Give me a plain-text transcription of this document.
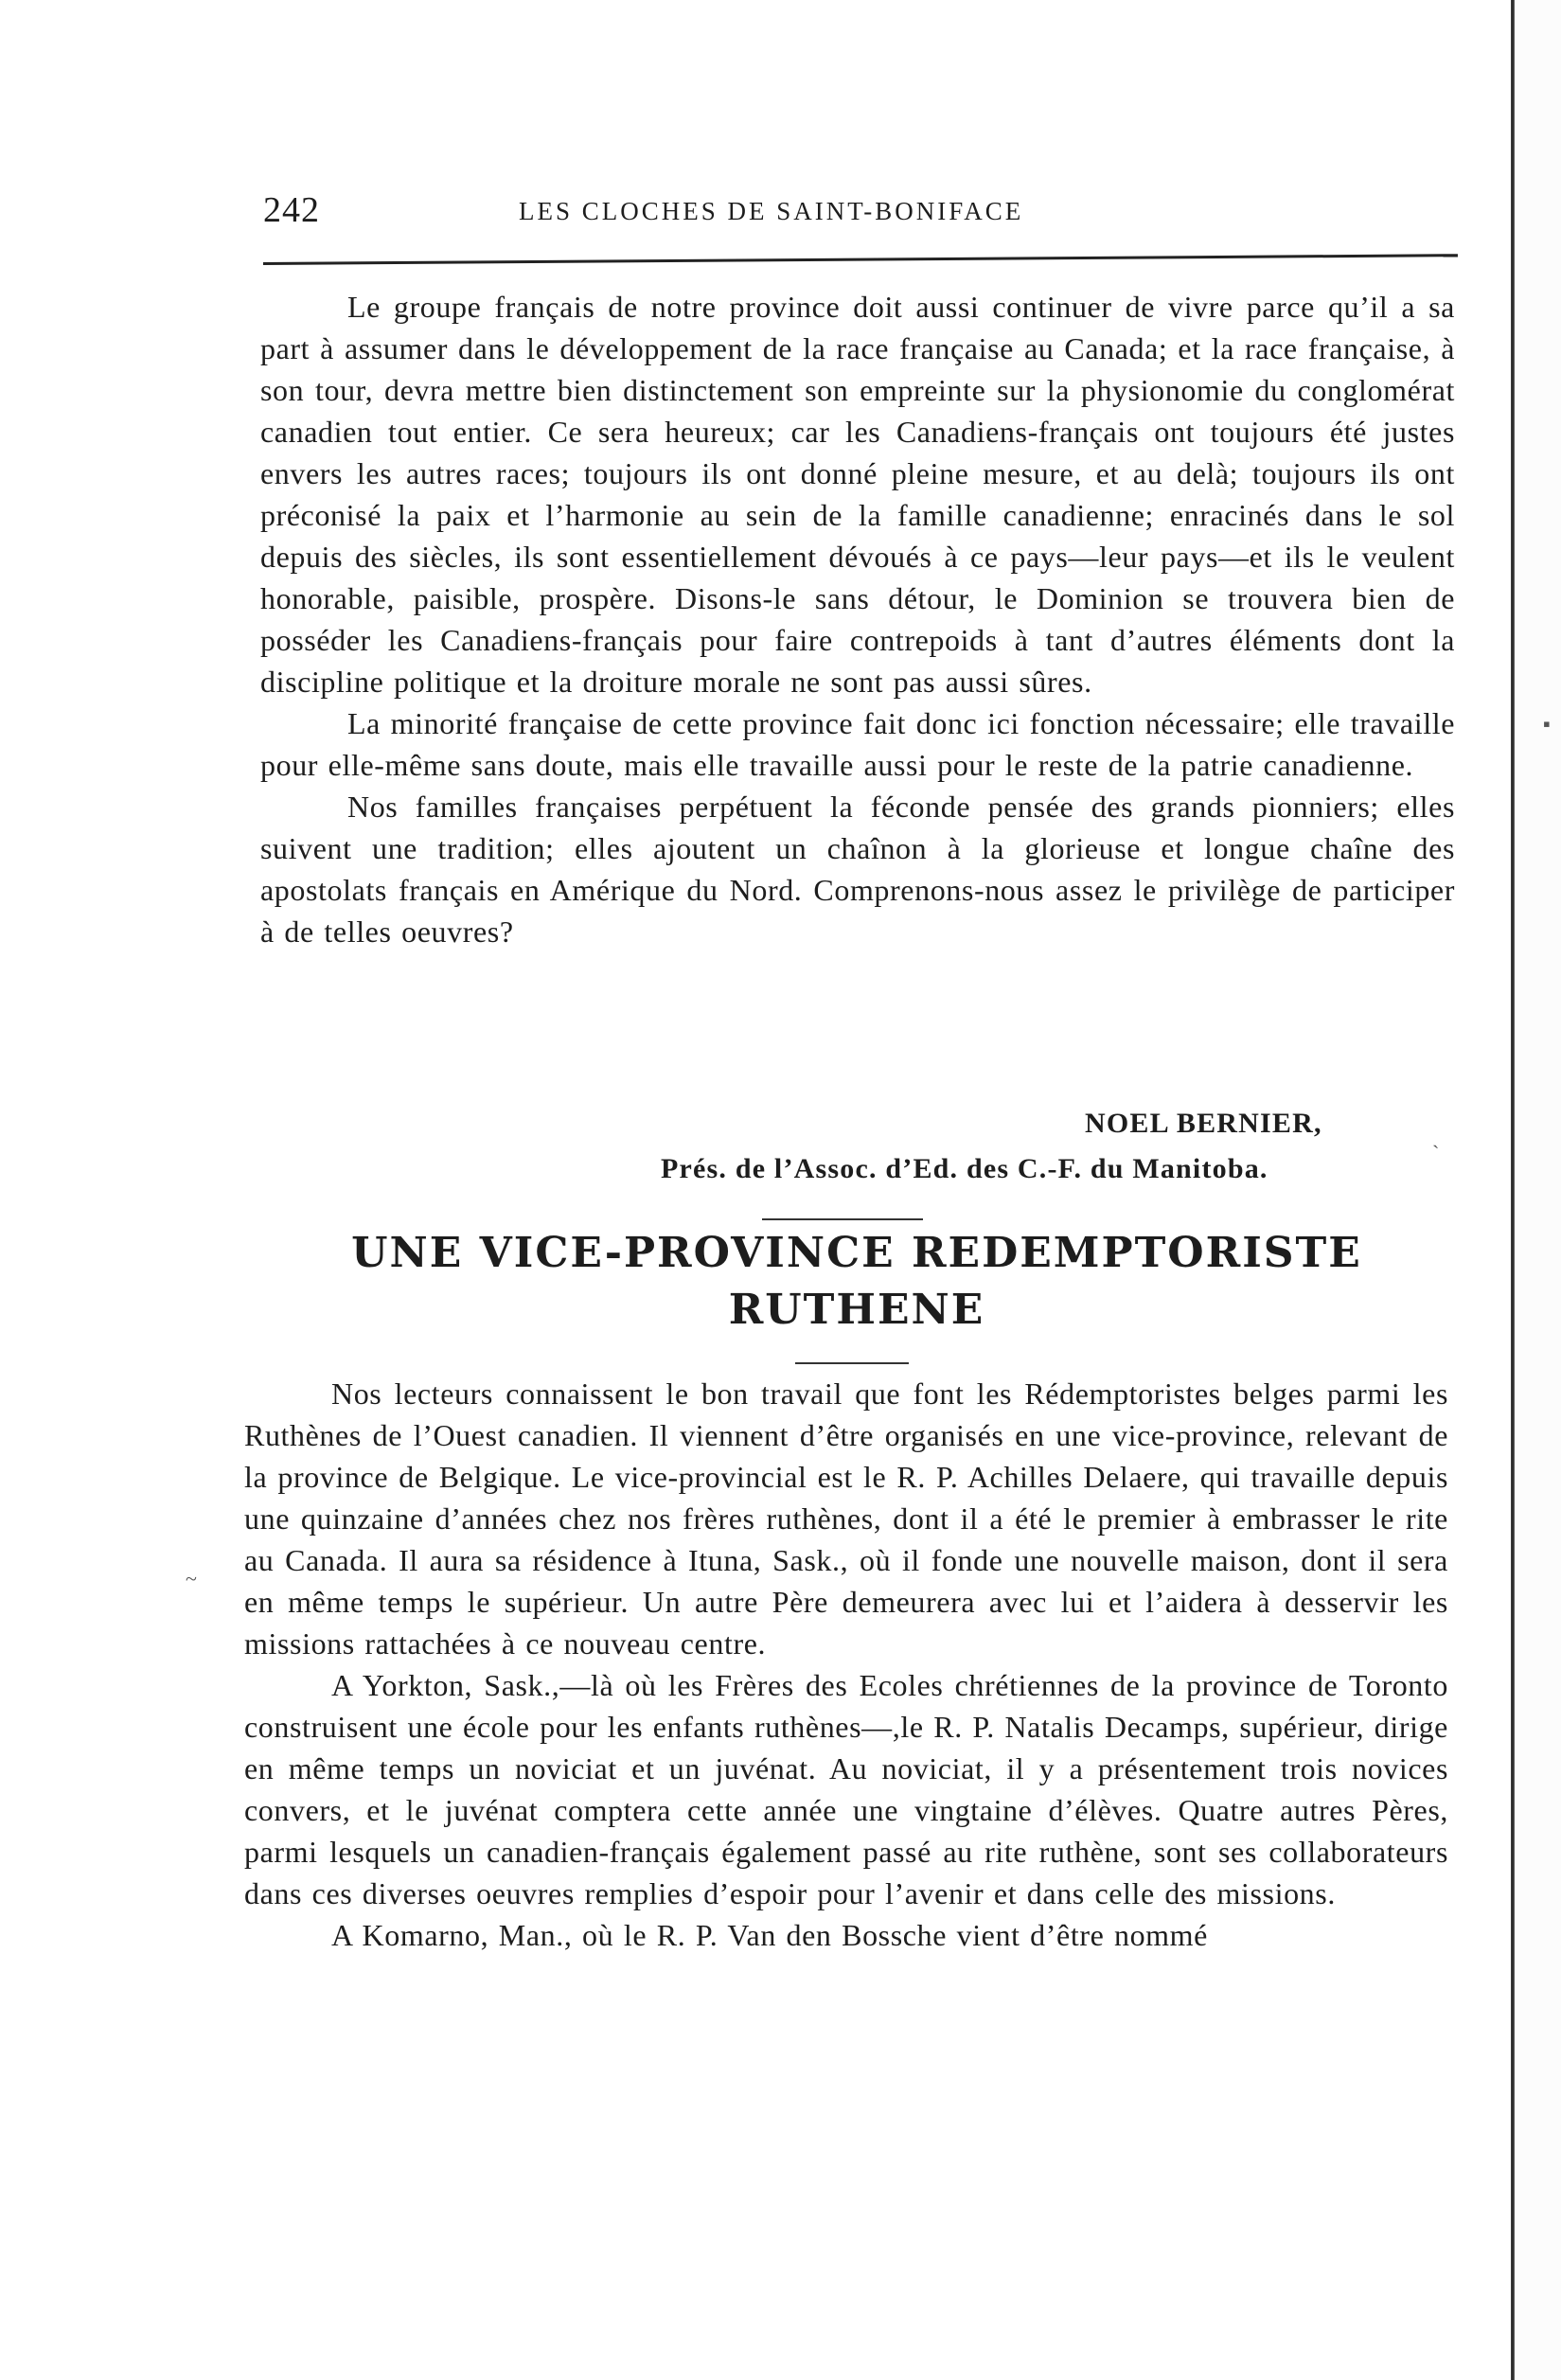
242	LES CLOCHES DE SAINT-BONIFACE

Le groupe français de notre province doit aussi continuer de vivre parce qu’il a sa part à assumer dans le développement de la race française au Canada; et la race française, à son tour, devra mettre bien distinctement son empreinte sur la physionomie du conglomérat canadien tout entier. Ce sera heureux; car les Canadiens-français ont toujours été justes envers les autres races; toujours ils ont donné pleine mesure, et au delà; toujours ils ont préconisé la paix et l’harmonie au sein de la famille canadienne; enracinés dans le sol depuis des siècles, ils sont essentiellement dévoués à ce pays—leur pays—et ils le veulent honorable, paisible, prospère. Disons-le sans détour, le Dominion se trouvera bien de posséder les Canadiens-français pour faire contrepoids à tant d’autres éléments dont la discipline politique et la droiture morale ne sont pas aussi sûres.

La minorité française de cette province fait donc ici fonction nécessaire; elle travaille pour elle-même sans doute, mais elle travaille aussi pour le reste de la patrie canadienne.

Nos familles françaises perpétuent la féconde pensée des grands pionniers; elles suivent une tradition; elles ajoutent un chaînon à la glorieuse et longue chaîne des apostolats français en Amérique du Nord. Comprenons-nous assez le privilège de participer à de telles oeuvres?

NOEL BERNIER,
Prés. de l’Assoc. d’Ed. des C.-F. du Manitoba.
UNE VICE-PROVINCE REDEMPTORISTE
RUTHENE

Nos lecteurs connaissent le bon travail que font les Rédemptoristes belges parmi les Ruthènes de l’Ouest canadien. Il viennent d’être organisés en une vice-province, relevant de la province de Belgique. Le vice-provincial est le R. P. Achilles Delaere, qui travaille depuis une quinzaine d’années chez nos frères ruthènes, dont il a été le premier à embrasser le rite au Canada. Il aura sa résidence à Ituna, Sask., où il fonde une nouvelle maison, dont il sera en même temps le supérieur. Un autre Père demeurera avec lui et l’aidera à desservir les missions rattachées à ce nouveau centre.

A Yorkton, Sask.,—là où les Frères des Ecoles chrétiennes de la province de Toronto construisent une école pour les enfants ruthènes—,le R. P. Natalis Decamps, supérieur, dirige en même temps un noviciat et un juvénat. Au noviciat, il y a présentement trois novices convers, et le juvénat comptera cette année une vingtaine d’élèves. Quatre autres Pères, parmi lesquels un canadien-français également passé au rite ruthène, sont ses collaborateurs dans ces diverses oeuvres remplies d’espoir pour l’avenir et dans celle des missions.

A Komarno, Man., où le R. P. Van den Bossche vient d’être nommé

▪
`
~
